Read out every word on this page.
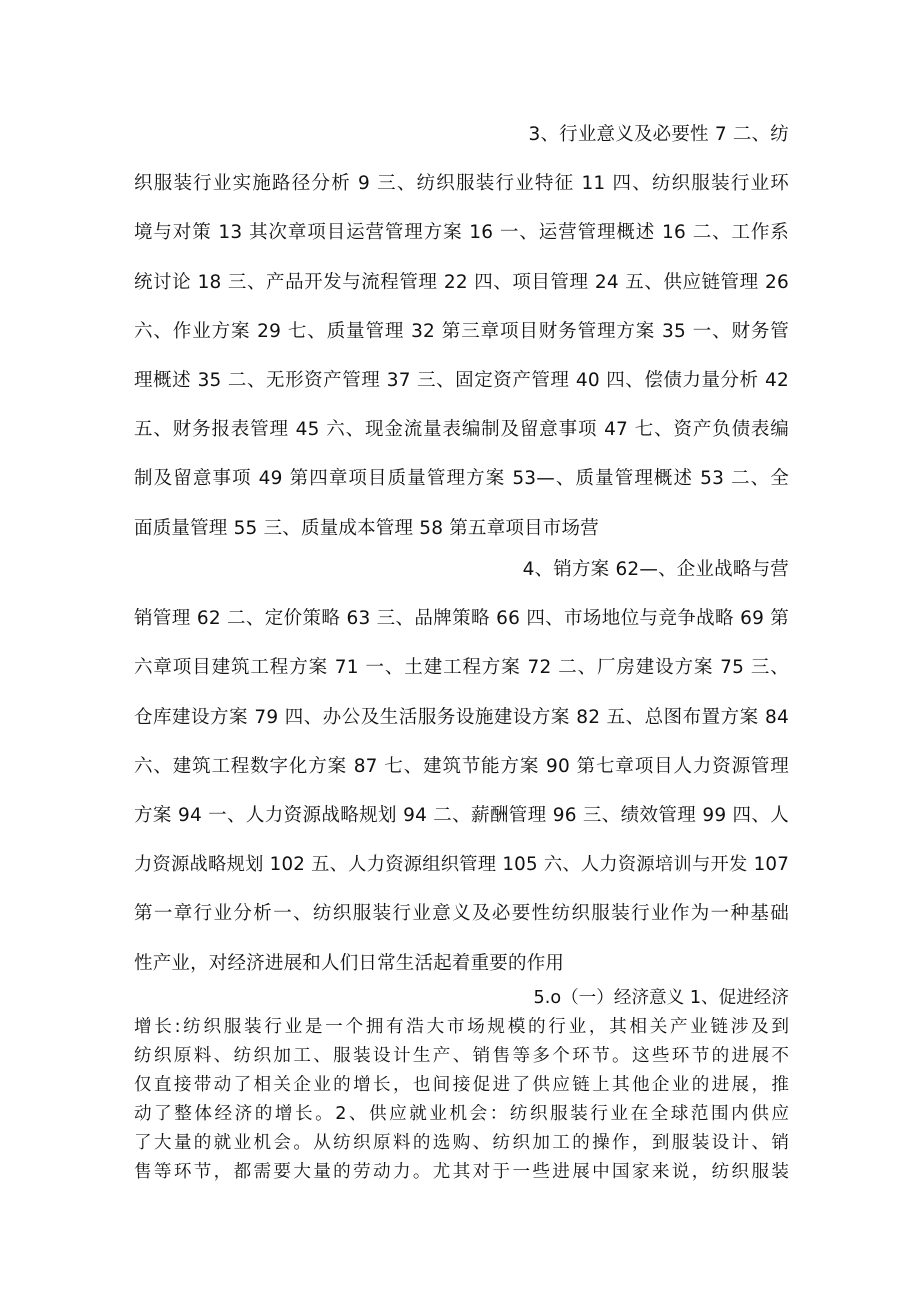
3、行业意义及必要性 7 二、纺
织服装行业实施路径分析 9 三、纺织服装行业特征 11 四、纺织服装行业环
境与对策 13 其次章项目运营管理方案 16 一、运营管理概述 16 二、工作系
统讨论 18 三、产品开发与流程管理 22 四、项目管理 24 五、供应链管理 26
六、作业方案 29 七、质量管理 32 第三章项目财务管理方案 35 一、财务管
理概述 35 二、无形资产管理 37 三、固定资产管理 40 四、偿债力量分析 42
五、财务报表管理 45 六、现金流量表编制及留意事项 47 七、资产负债表编
制及留意事项 49 第四章项目质量管理方案 53—、质量管理概述 53 二、全
面质量管理 55 三、质量成本管理 58 第五章项目市场营
4、销方案 62—、企业战略与营
销管理 62 二、定价策略 63 三、品牌策略 66 四、市场地位与竞争战略 69 第
六章项目建筑工程方案 71 一、土建工程方案 72 二、厂房建设方案 75 三、
仓库建设方案 79 四、办公及生活服务设施建设方案 82 五、总图布置方案 84
六、建筑工程数字化方案 87 七、建筑节能方案 90 第七章项目人力资源管理
方案 94 一、人力资源战略规划 94 二、薪酬管理 96 三、绩效管理 99 四、人
力资源战略规划 102 五、人力资源组织管理 105 六、人力资源培训与开发 107
第一章行业分析一、纺织服装行业意义及必要性纺织服装行业作为一种基础
性产业，对经济进展和人们日常生活起着重要的作用
5.o（一）经济意义 1、促进经济
增长:纺织服装行业是一个拥有浩大市场规模的行业，其相关产业链涉及到
纺织原料、纺织加工、服装设计生产、销售等多个环节。这些环节的进展不
仅直接带动了相关企业的增长，也间接促进了供应链上其他企业的进展，推
动了整体经济的增长。2、供应就业机会：纺织服装行业在全球范围内供应
了大量的就业机会。从纺织原料的选购、纺织加工的操作，到服装设计、销
售等环节，都需要大量的劳动力。尤其对于一些进展中国家来说，纺织服装
